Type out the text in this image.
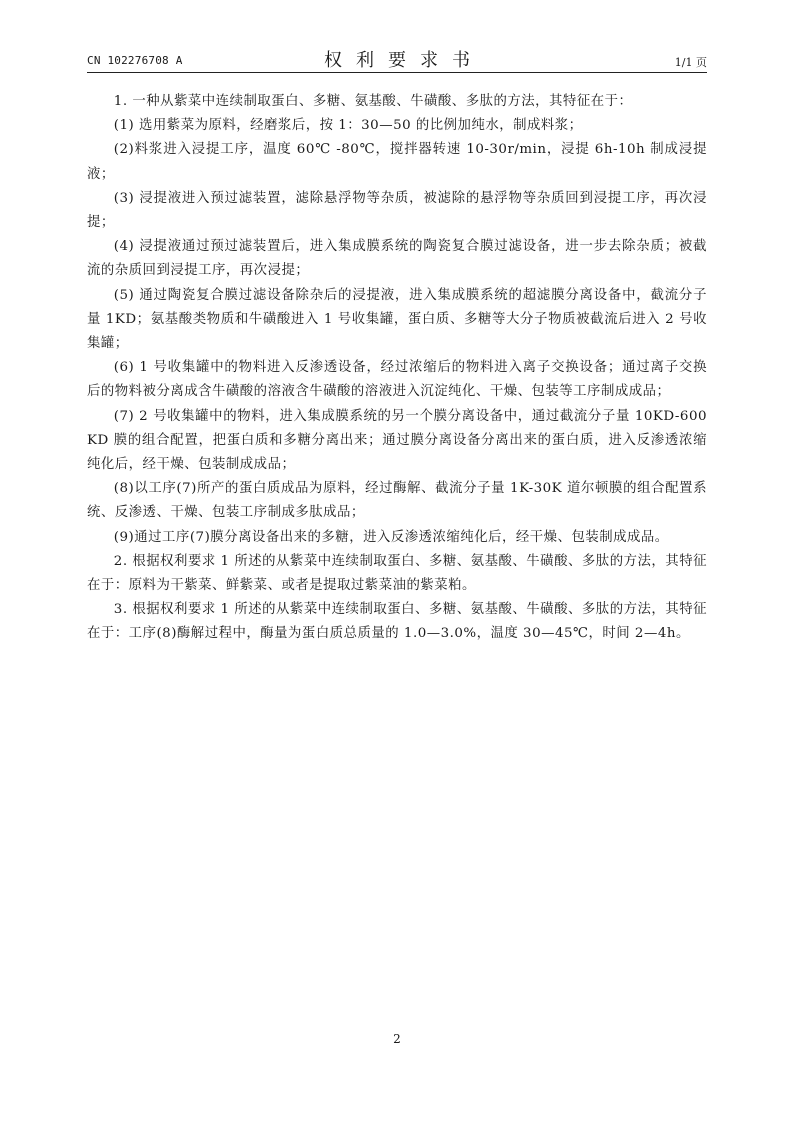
CN 102276708 A	权利要求书	1/1 页

1. 一种从紫菜中连续制取蛋白、多糖、氨基酸、牛磺酸、多肽的方法，其特征在于：

(1) 选用紫菜为原料，经磨浆后，按 1：30—50 的比例加纯水，制成料浆；

(2)料浆进入浸提工序，温度 60℃ -80℃，搅拌器转速 10-30r/min，浸提 6h-10h 制成浸提液；

(3) 浸提液进入预过滤装置，滤除悬浮物等杂质，被滤除的悬浮物等杂质回到浸提工序，再次浸提；

(4) 浸提液通过预过滤装置后，进入集成膜系统的陶瓷复合膜过滤设备，进一步去除杂质；被截流的杂质回到浸提工序，再次浸提；

(5) 通过陶瓷复合膜过滤设备除杂后的浸提液，进入集成膜系统的超滤膜分离设备中，截流分子量 1KD；氨基酸类物质和牛磺酸进入 1 号收集罐，蛋白质、多糖等大分子物质被截流后进入 2 号收集罐；

(6) 1 号收集罐中的物料进入反渗透设备，经过浓缩后的物料进入离子交换设备；通过离子交换后的物料被分离成含牛磺酸的溶液含牛磺酸的溶液进入沉淀纯化、干燥、包装等工序制成成品；

(7) 2 号收集罐中的物料，进入集成膜系统的另一个膜分离设备中，通过截流分子量 10KD-600KD 膜的组合配置，把蛋白质和多糖分离出来；通过膜分离设备分离出来的蛋白质，进入反渗透浓缩纯化后，经干燥、包装制成成品；

(8)以工序(7)所产的蛋白质成品为原料，经过酶解、截流分子量 1K-30K 道尔顿膜的组合配置系统、反渗透、干燥、包装工序制成多肽成品；

(9)通过工序(7)膜分离设备出来的多糖，进入反渗透浓缩纯化后，经干燥、包装制成成品。

2. 根据权利要求 1 所述的从紫菜中连续制取蛋白、多糖、氨基酸、牛磺酸、多肽的方法，其特征在于：原料为干紫菜、鲜紫菜、或者是提取过紫菜油的紫菜粕。

3. 根据权利要求 1 所述的从紫菜中连续制取蛋白、多糖、氨基酸、牛磺酸、多肽的方法，其特征在于：工序(8)酶解过程中，酶量为蛋白质总质量的 1.0—3.0%，温度 30—45℃，时间 2—4h。

2
